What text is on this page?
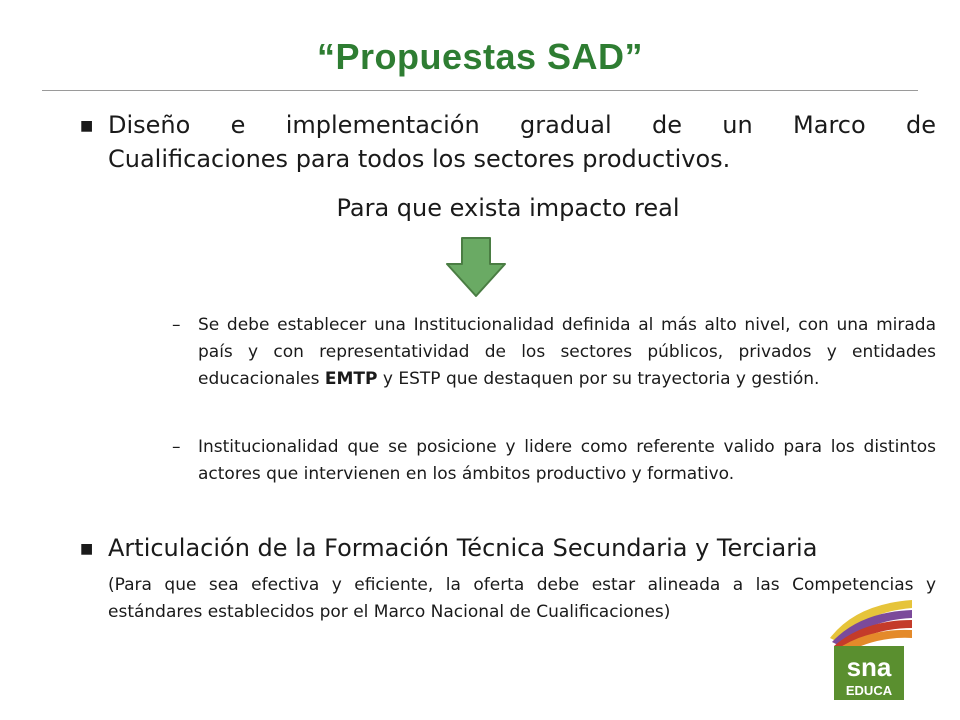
“Propuestas SAD”
■ Diseño e implementación gradual de un Marco de
Cualificaciones para todos los sectores productivos.
Para que exista impacto real
– Se debe establecer una Institucionalidad definida al más alto nivel, con una mirada país y con representatividad de los sectores públicos, privados y entidades educacionales EMTP y ESTP que destaquen por su trayectoria y gestión.
– Institucionalidad que se posicione y lidere como referente valido para los distintos actores que intervienen en los ámbitos productivo y formativo.
■ Articulación de la Formación Técnica Secundaria y Terciaria
(Para que sea efectiva y eficiente, la oferta debe estar alineada a las Competencias y estándares establecidos por el Marco Nacional de Cualificaciones)
sna
EDUCA
